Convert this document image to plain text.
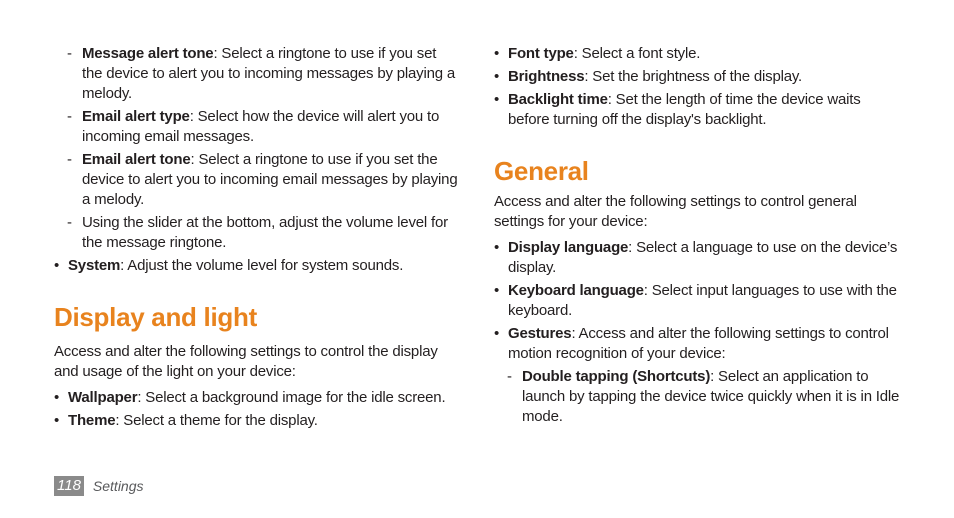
- Message alert tone: Select a ringtone to use if you set the device to alert you to incoming messages by playing a melody.
- Email alert type: Select how the device will alert you to incoming email messages.
- Email alert tone: Select a ringtone to use if you set the device to alert you to incoming email messages by playing a melody.
- Using the slider at the bottom, adjust the volume level for the message ringtone.
• System: Adjust the volume level for system sounds.
Display and light

Access and alter the following settings to control the display and usage of the light on your device:

• Wallpaper: Select a background image for the idle screen.
• Theme: Select a theme for the display.
• Font type: Select a font style.
• Brightness: Set the brightness of the display.
• Backlight time: Set the length of time the device waits before turning off the display's backlight.
General

Access and alter the following settings to control general settings for your device:

• Display language: Select a language to use on the device’s display.
• Keyboard language: Select input languages to use with the keyboard.
• Gestures: Access and alter the following settings to control motion recognition of your device:
- Double tapping (Shortcuts): Select an application to launch by tapping the device twice quickly when it is in Idle mode.
118 Settings
